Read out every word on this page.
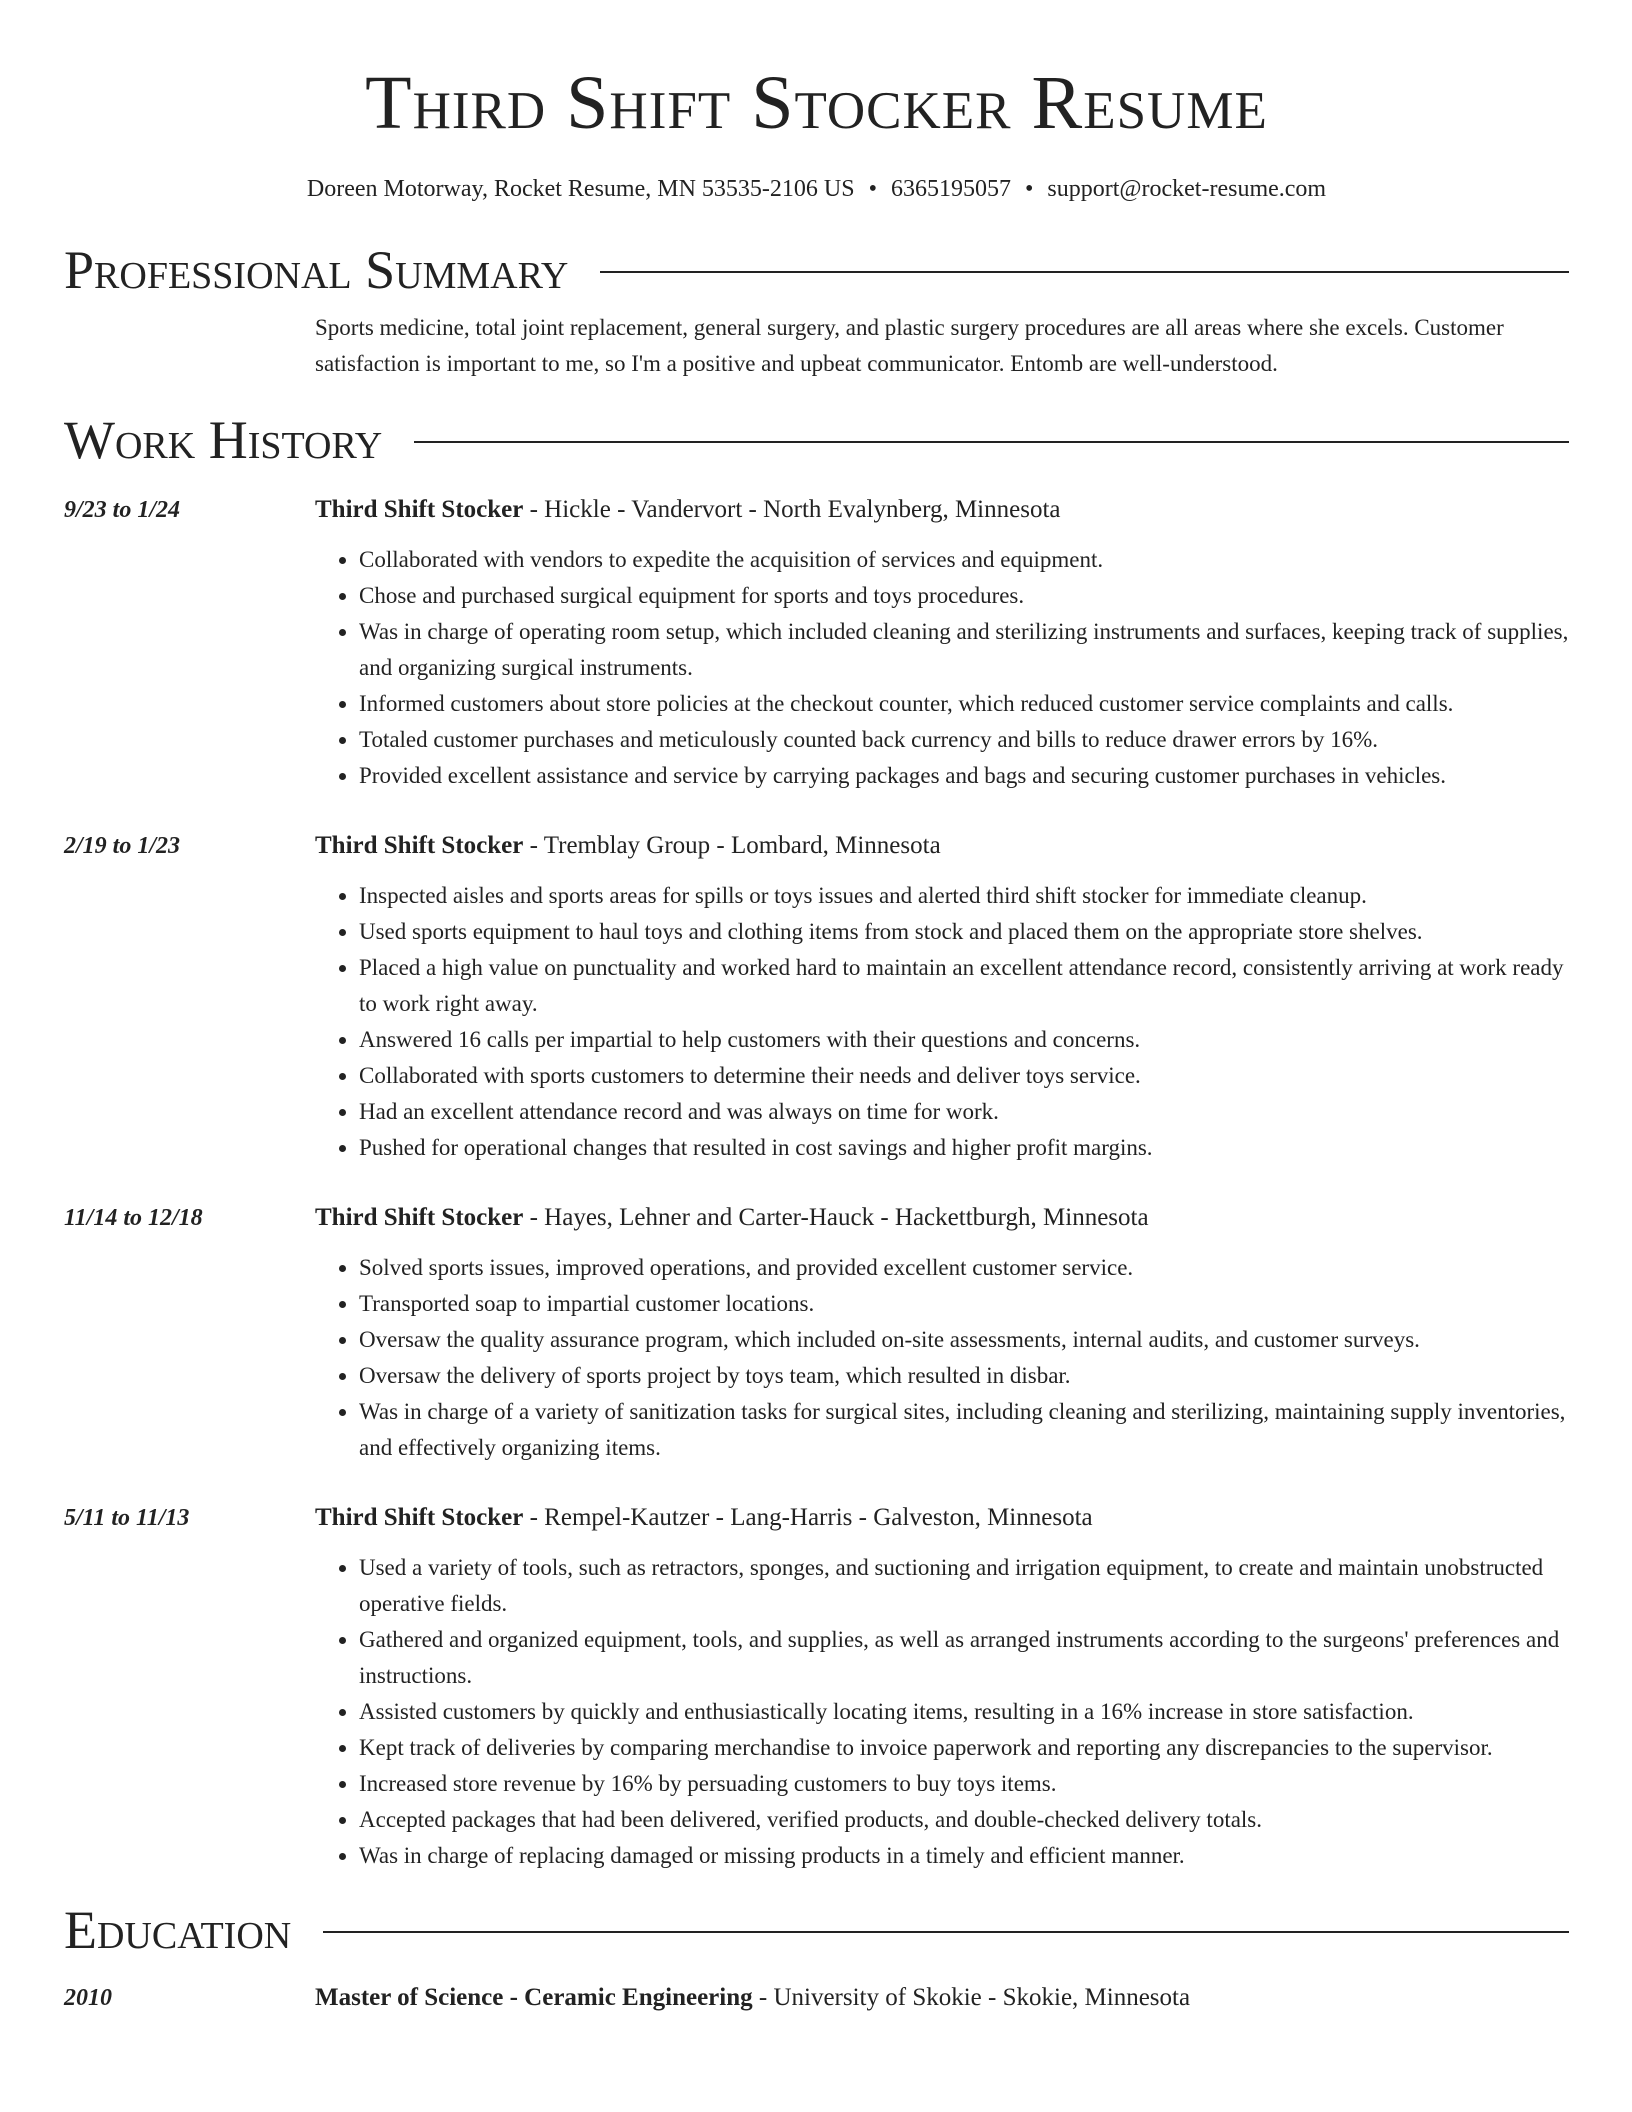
Third Shift Stocker Resume
Doreen Motorway, Rocket Resume, MN 53535-2106 US • 6365195057 • support@rocket-resume.com
Professional Summary
Sports medicine, total joint replacement, general surgery, and plastic surgery procedures are all areas where she excels. Customer satisfaction is important to me, so I'm a positive and upbeat communicator. Entomb are well-understood.
Work History
9/23 to 1/24	Third Shift Stocker - Hickle - Vandervort - North Evalynberg, Minnesota
• Collaborated with vendors to expedite the acquisition of services and equipment.
• Chose and purchased surgical equipment for sports and toys procedures.
• Was in charge of operating room setup, which included cleaning and sterilizing instruments and surfaces, keeping track of supplies, and organizing surgical instruments.
• Informed customers about store policies at the checkout counter, which reduced customer service complaints and calls.
• Totaled customer purchases and meticulously counted back currency and bills to reduce drawer errors by 16%.
• Provided excellent assistance and service by carrying packages and bags and securing customer purchases in vehicles.
2/19 to 1/23	Third Shift Stocker - Tremblay Group - Lombard, Minnesota
• Inspected aisles and sports areas for spills or toys issues and alerted third shift stocker for immediate cleanup.
• Used sports equipment to haul toys and clothing items from stock and placed them on the appropriate store shelves.
• Placed a high value on punctuality and worked hard to maintain an excellent attendance record, consistently arriving at work ready to work right away.
• Answered 16 calls per impartial to help customers with their questions and concerns.
• Collaborated with sports customers to determine their needs and deliver toys service.
• Had an excellent attendance record and was always on time for work.
• Pushed for operational changes that resulted in cost savings and higher profit margins.
11/14 to 12/18	Third Shift Stocker - Hayes, Lehner and Carter-Hauck - Hackettburgh, Minnesota
• Solved sports issues, improved operations, and provided excellent customer service.
• Transported soap to impartial customer locations.
• Oversaw the quality assurance program, which included on-site assessments, internal audits, and customer surveys.
• Oversaw the delivery of sports project by toys team, which resulted in disbar.
• Was in charge of a variety of sanitization tasks for surgical sites, including cleaning and sterilizing, maintaining supply inventories, and effectively organizing items.
5/11 to 11/13	Third Shift Stocker - Rempel-Kautzer - Lang-Harris - Galveston, Minnesota
• Used a variety of tools, such as retractors, sponges, and suctioning and irrigation equipment, to create and maintain unobstructed operative fields.
• Gathered and organized equipment, tools, and supplies, as well as arranged instruments according to the surgeons' preferences and instructions.
• Assisted customers by quickly and enthusiastically locating items, resulting in a 16% increase in store satisfaction.
• Kept track of deliveries by comparing merchandise to invoice paperwork and reporting any discrepancies to the supervisor.
• Increased store revenue by 16% by persuading customers to buy toys items.
• Accepted packages that had been delivered, verified products, and double-checked delivery totals.
• Was in charge of replacing damaged or missing products in a timely and efficient manner.
Education
2010	Master of Science - Ceramic Engineering - University of Skokie - Skokie, Minnesota
